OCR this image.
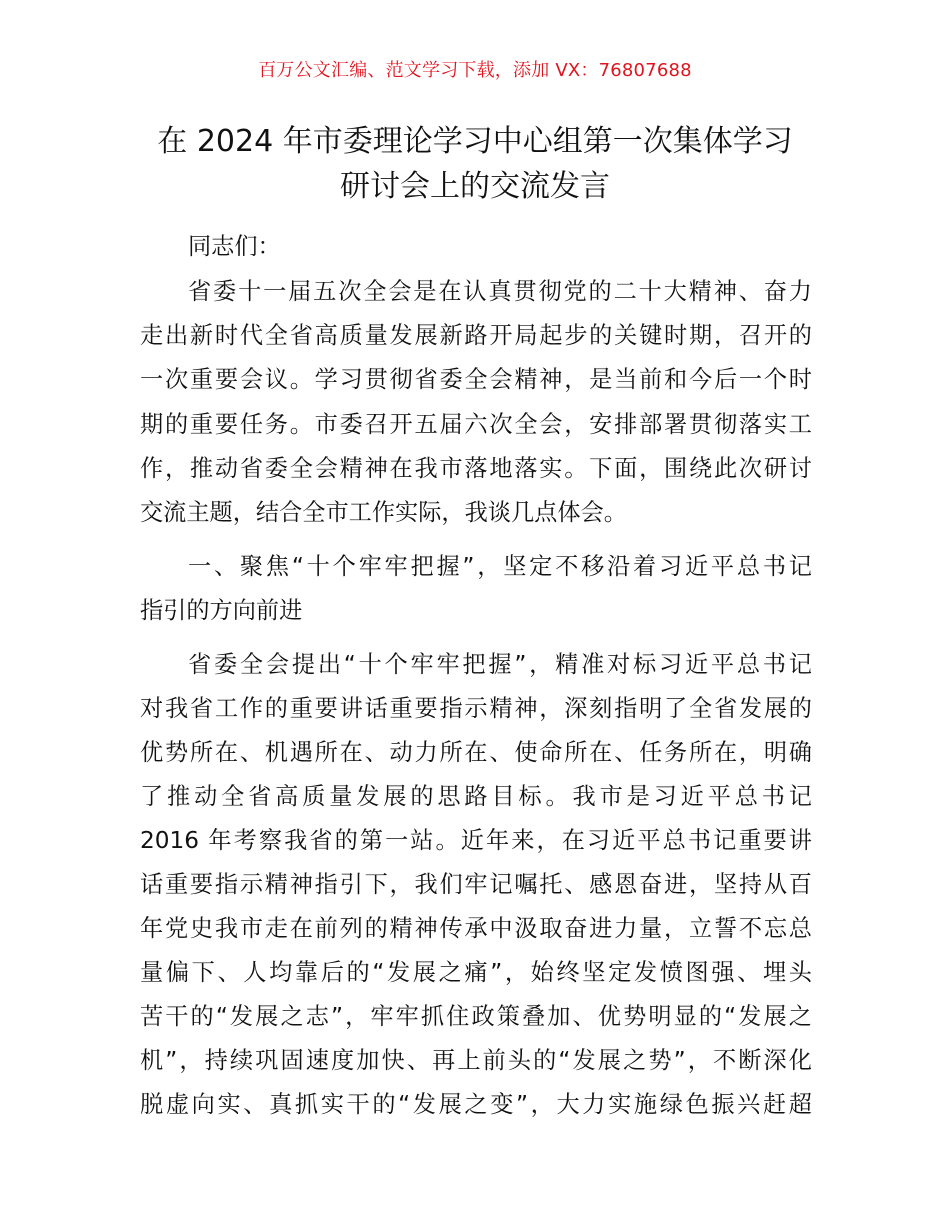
百万公文汇编、范文学习下载，添加 VX：76807688
在 2024 年市委理论学习中心组第一次集体学习
研讨会上的交流发言
同志们：
省委十一届五次全会是在认真贯彻党的二十大精神、奋力
走出新时代全省高质量发展新路开局起步的关键时期，召开的
一次重要会议。学习贯彻省委全会精神，是当前和今后一个时
期的重要任务。市委召开五届六次全会，安排部署贯彻落实工
作，推动省委全会精神在我市落地落实。下面，围绕此次研讨
交流主题，结合全市工作实际，我谈几点体会。
一、聚焦“十个牢牢把握”，坚定不移沿着习近平总书记
指引的方向前进
省委全会提出“十个牢牢把握”，精准对标习近平总书记
对我省工作的重要讲话重要指示精神，深刻指明了全省发展的
优势所在、机遇所在、动力所在、使命所在、任务所在，明确
了推动全省高质量发展的思路目标。我市是习近平总书记
2016 年考察我省的第一站。近年来，在习近平总书记重要讲
话重要指示精神指引下，我们牢记嘱托、感恩奋进，坚持从百
年党史我市走在前列的精神传承中汲取奋进力量，立誓不忘总
量偏下、人均靠后的“发展之痛”，始终坚定发愤图强、埋头
苦干的“发展之志”，牢牢抓住政策叠加、优势明显的“发展之
机”，持续巩固速度加快、再上前头的“发展之势”，不断深化
脱虚向实、真抓实干的“发展之变”，大力实施绿色振兴赶超
